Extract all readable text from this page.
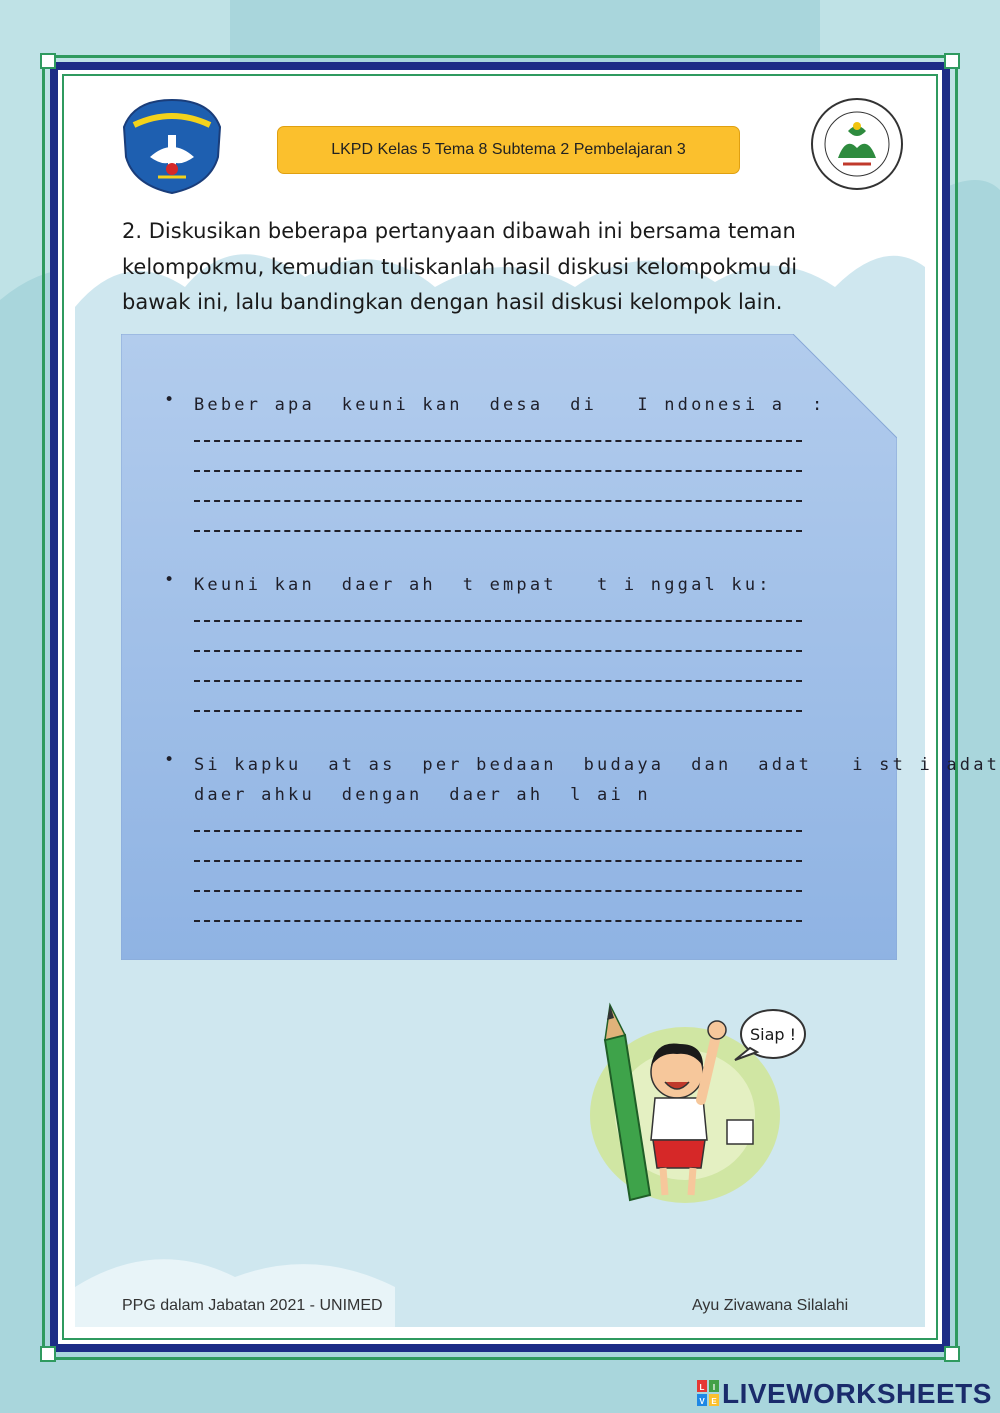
LKPD Kelas 5 Tema 8 Subtema 2 Pembelajaran 3
2. Diskusikan beberapa pertanyaan dibawah ini bersama teman
kelompokmu, kemudian tuliskanlah hasil diskusi kelompokmu di
bawak ini, lalu bandingkan dengan hasil diskusi kelompok lain.
• Beber apa  keuni kan  desa  di   I ndonesi a  :
• Keuni kan  daer ah  t empat   t i nggal ku:
• Si kapku  at as  per bedaan  budaya  dan  adat   i st i adat
daer ahku  dengan  daer ah  l ai n
Siap !
PPG dalam Jabatan 2021 - UNIMED	Ayu Zivawana Silalahi
L I
V E LIVEWORKSHEETS
